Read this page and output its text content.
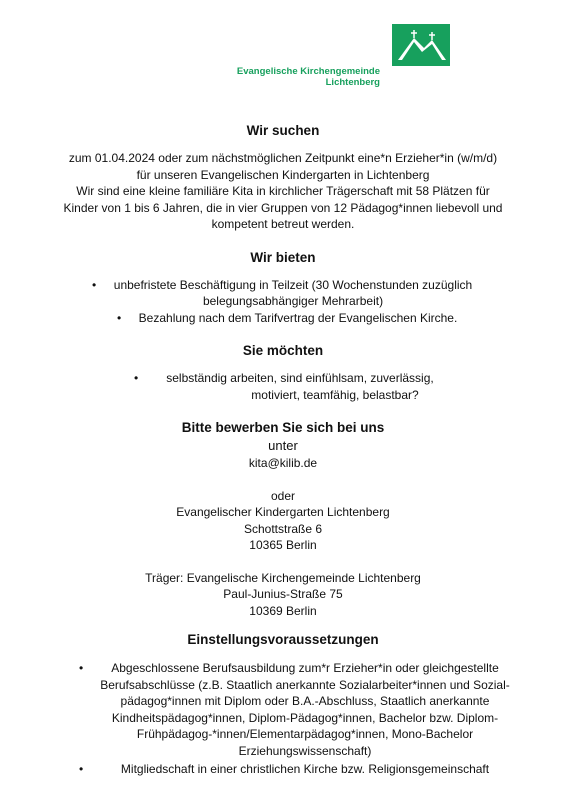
Evangelische Kirchengemeinde
Lichtenberg
Wir suchen

zum 01.04.2024 oder zum nächstmöglichen Zeitpunkt eine*n Erzieher*in (w/m/d)

für unseren Evangelischen Kindergarten in Lichtenberg

Wir sind eine kleine familiäre Kita in kirchlicher Trägerschaft mit 58 Plätzen für

Kinder von 1 bis 6 Jahren, die in vier Gruppen von 12 Pädagog*innen liebevoll und

kompetent betreut werden.

Wir bieten
• unbefristete Beschäftigung in Teilzeit (30 Wochenstunden zuzüglich
belegungsabhängiger Mehrarbeit)
• Bezahlung nach dem Tarifvertrag der Evangelischen Kirche.
Sie möchten
• selbständig arbeiten, sind einfühlsam, zuverlässig,
motiviert, teamfähig, belastbar?
Bitte bewerben Sie sich bei uns

unter

kita@kilib.de

oder

Evangelischer Kindergarten Lichtenberg

Schottstraße 6

10365 Berlin

Träger: Evangelische Kirchengemeinde Lichtenberg

Paul-Junius-Straße 75

10369 Berlin

Einstellungsvoraussetzungen
• Abgeschlossene Berufsausbildung zum*r Erzieher*in oder gleichgestellte
Berufsabschlüsse (z.B. Staatlich anerkannte Sozialarbeiter*innen und Sozial-
pädagog*innen mit Diplom oder B.A.-Abschluss, Staatlich anerkannte
Kindheitspädagog*innen, Diplom-Pädagog*innen, Bachelor bzw. Diplom-
Frühpädagog-*innen/Elementarpädagog*innen, Mono-Bachelor
Erziehungswissenschaft)
• Mitgliedschaft in einer christlichen Kirche bzw. Religionsgemeinschaft
